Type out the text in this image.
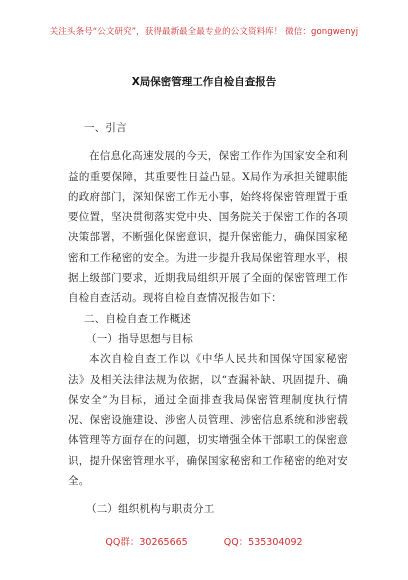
关注头条号“公文研究”，获得最新最全最专业的公文资料库！ 微信：gongwenyj
X局保密管理工作自检自查报告

一、引言

在信息化高速发展的今天，保密工作作为国家安全和利益的重要保障，其重要性日益凸显。X局作为承担关键职能的政府部门，深知保密工作无小事，始终将保密管理置于重要位置，坚决贯彻落实党中央、国务院关于保密工作的各项决策部署，不断强化保密意识，提升保密能力，确保国家秘密和工作秘密的安全。为进一步提升我局保密管理水平，根据上级部门要求，近期我局组织开展了全面的保密管理工作自检自查活动。现将自检自查情况报告如下：

二、自检自查工作概述

（一）指导思想与目标

本次自检自查工作以《中华人民共和国保守国家秘密法》及相关法律法规为依据，以“查漏补缺、巩固提升、确保安全”为目标，通过全面排查我局保密管理制度执行情况、保密设施建设、涉密人员管理、涉密信息系统和涉密载体管理等方面存在的问题，切实增强全体干部职工的保密意识，提升保密管理水平，确保国家秘密和工作秘密的绝对安全。

（二）组织机构与职责分工

QQ群：30265665	QQ：535304092
